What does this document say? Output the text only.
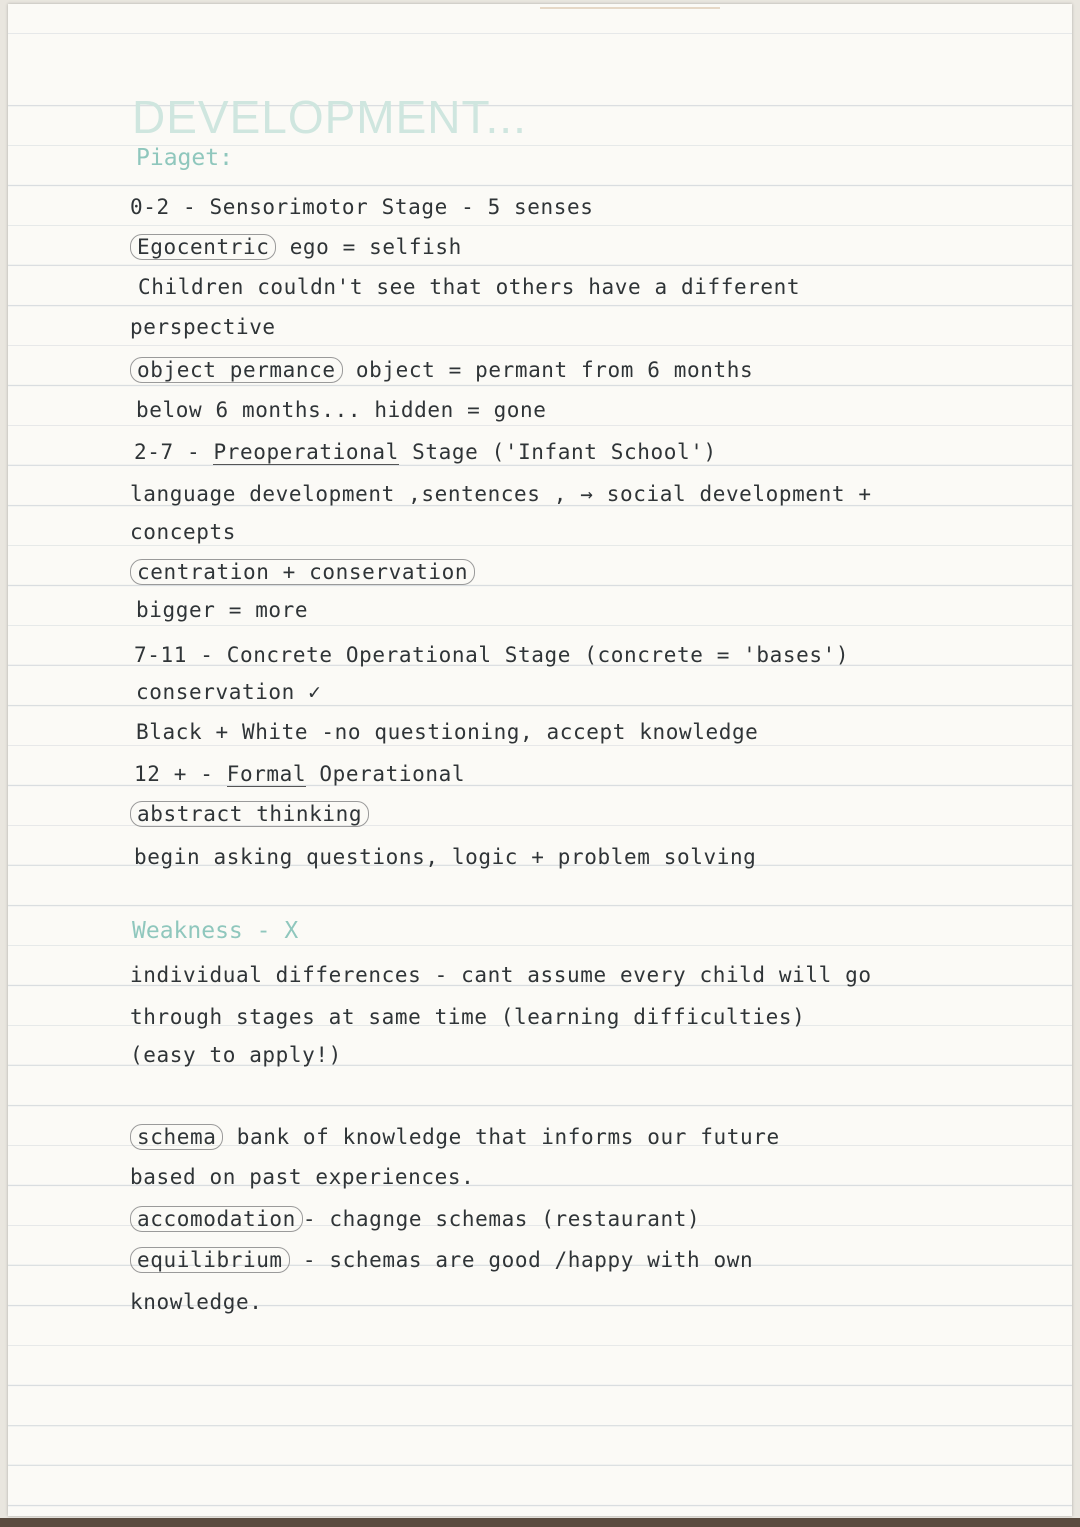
DEVELOPMENT...
Piaget:
0-2 - Sensorimotor Stage - 5 senses
Egocentric ego = selfish
Children couldn't see that others have a different
perspective
object permance object = permant from 6 months
below 6 months... hidden = gone
2-7 - Preoperational Stage ('Infant School')
language development ,sentences , → social development +
concepts
centration + conservation
bigger = more
7-11 - Concrete Operational Stage (concrete = 'bases')
conservation ✓
Black + White -no questioning, accept knowledge
12 + - Formal Operational
abstract thinking
begin asking questions, logic + problem solving
Weakness - X
individual differences - cant assume every child will go
through stages at same time (learning difficulties)
(easy to apply!)
schema bank of knowledge that informs our future
based on past experiences.
accomodation - chagnge schemas (restaurant)
equilibrium - schemas are good /happy with own
knowledge.
